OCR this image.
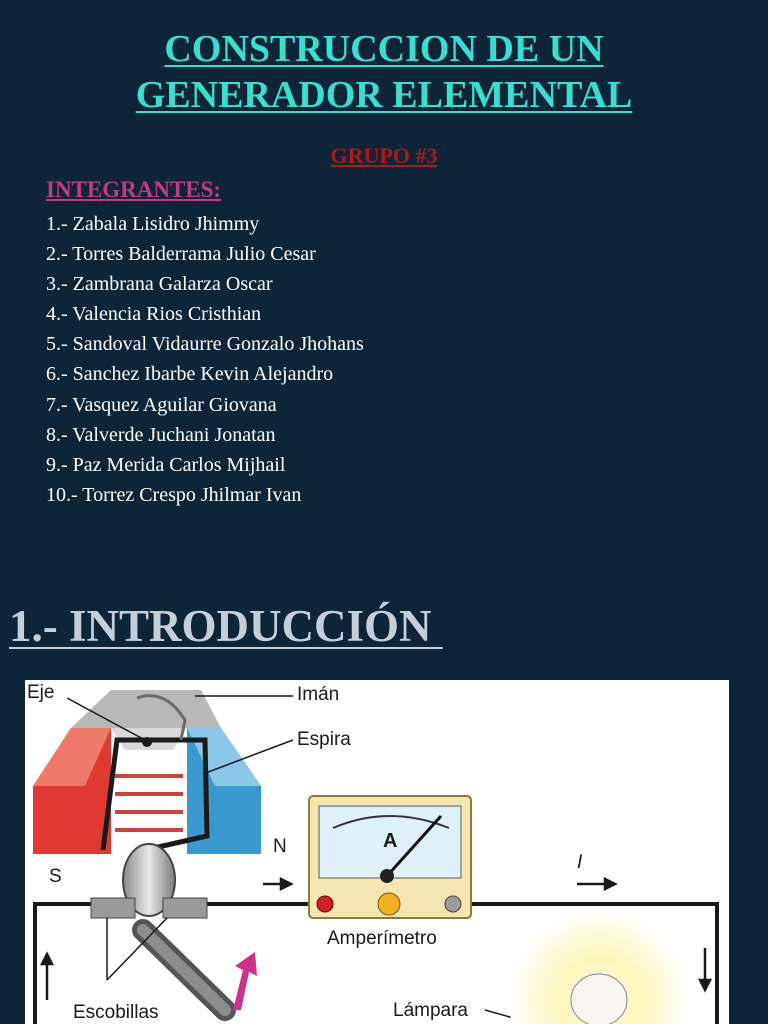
CONSTRUCCION DE UN
GENERADOR ELEMENTAL
GRUPO #3
INTEGRANTES:
1.- Zabala Lisidro Jhimmy
2.- Torres Balderrama Julio Cesar
3.- Zambrana Galarza Oscar
4.- Valencia Rios Cristhian
5.- Sandoval Vidaurre Gonzalo Jhohans
6.- Sanchez Ibarbe Kevin Alejandro
7.- Vasquez Aguilar Giovana
8.- Valverde Juchani Jonatan
9.- Paz Merida Carlos Mijhail
10.- Torrez Crespo Jhilmar Ivan
1.- INTRODUCCIÓN
Eje	Imán
Espira
N
S
A
Amperímetro
I
Escobillas	Lámpara
